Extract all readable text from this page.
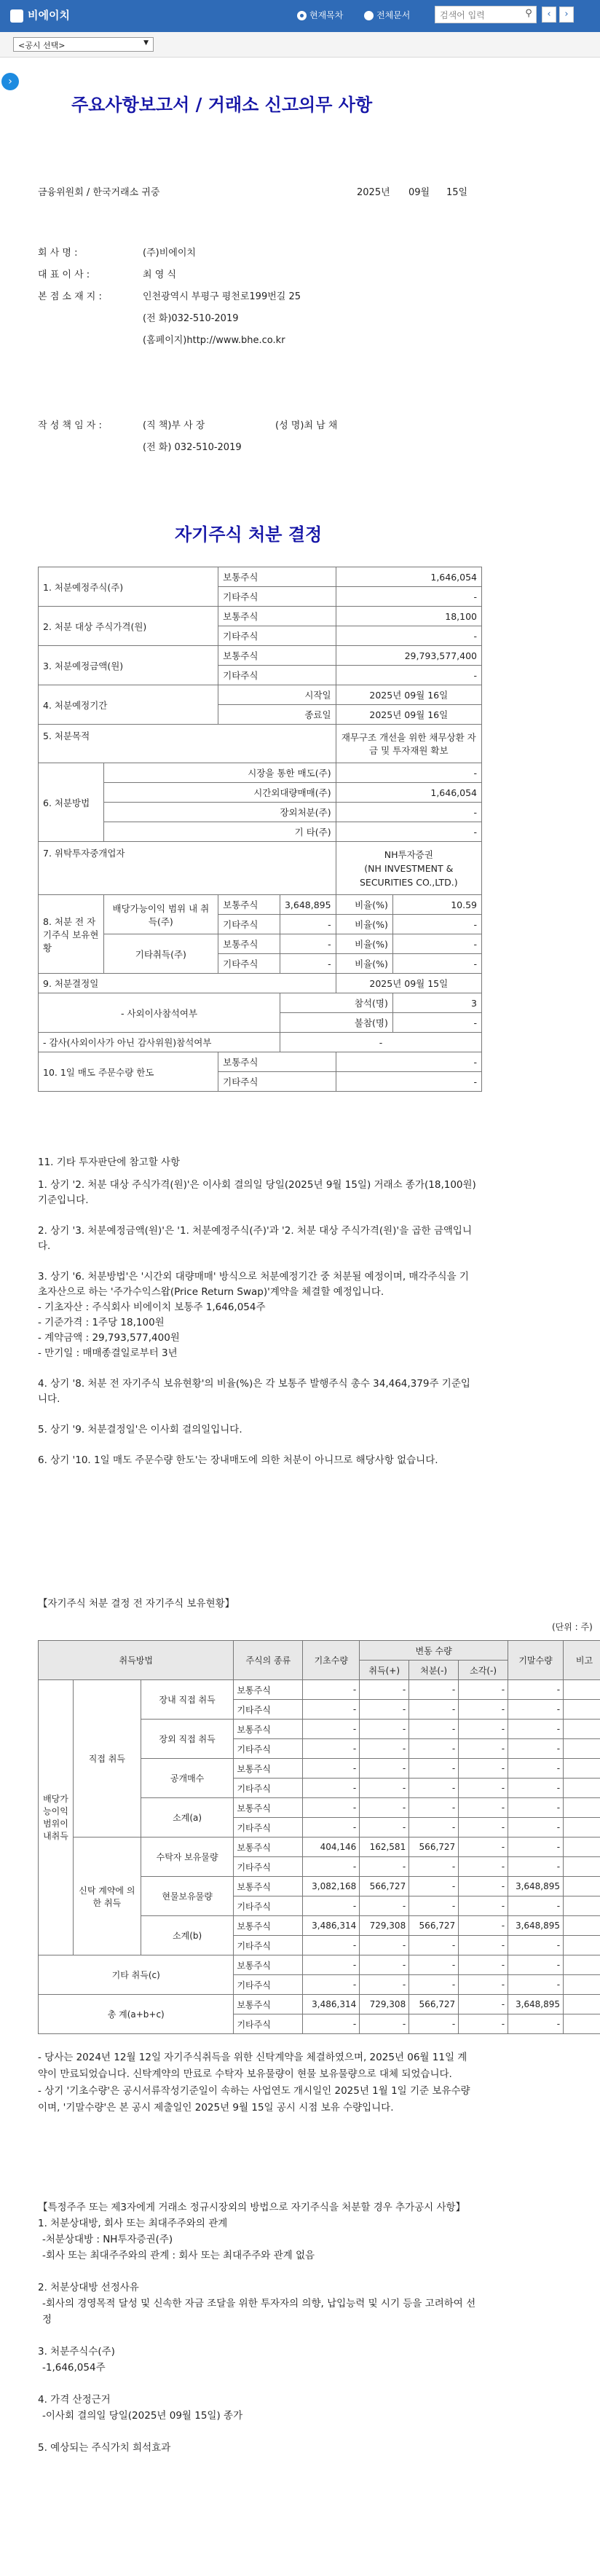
비에이치	현재목차	전체문서	검색어 입력	⚲	‹	›
<공시 선택>	▼
›
주요사항보고서 / 거래소 신고의무 사항
금융위원회 / 한국거래소 귀중	2025년 09월 15일
회 사 명 :	(주)비에이치
대 표 이 사 :	최 영 식
본 점 소 재 지 :	인천광역시 부평구 평천로199번길 25
(전 화)032-510-2019
(홈페이지)http://www.bhe.co.kr
작 성 책 임 자 :	(직 책)부 사 장	(성 명)최 남 채
(전 화) 032-510-2019
자기주식 처분 결정
1. 처분예정주식(주)		보통주식		1,646,054	
		기타주식		-	
2. 처분 대상 주식가격(원)		보통주식		18,100	
		기타주식		-	
3. 처분예정금액(원)		보통주식		29,793,577,400	
		기타주식		-	
4. 처분예정기간		시작일		2025년 09월 16일	
		종료일		2025년 09월 16일	
5. 처분목적				재무구조 개선을 위한 채무상환 자금 및 투자재원 확보	
6. 처분방법	시장을 통한 매도(주)			-	
	시간외대량매매(주)			1,646,054	
	장외처분(주)			-	
	기 타(주)			-	
7. 위탁투자중개업자				NH투자증권
(NH INVESTMENT &
SECURITIES CO.,LTD.)	

8. 처분 전 자기주식 보유현황	배당가능이익 범위 내 취득(주)	보통주식	3,648,895	비율(%)	10.59
		기타주식	-	비율(%)	-
	기타취득(주)	보통주식	-	비율(%)	-
		기타주식	-	비율(%)	-
9. 처분결정일				2025년 09월 15일	
- 사외이사참석여부			참석(명)		3
			불참(명)		-
- 감사(사외이사가 아닌 감사위원)참석여부			-		
10. 1일 매도 주문수량 한도		보통주식		-	
		기타주식		-	

11. 기타 투자판단에 참고할 사항

1. 상기 '2. 처분 대상 주식가격(원)'은 이사회 결의일 당일(2025년 9월 15일) 거래소 종가(18,100원) 기준입니다.

2. 상기 '3. 처분예정금액(원)'은 '1. 처분예정주식(주)'과 '2. 처분 대상 주식가격(원)'을 곱한 금액입니다.

3. 상기 '6. 처분방법'은 '시간외 대량매매' 방식으로 처분예정기간 중 처분될 예정이며, 매각주식을 기초자산으로 하는 '주가수익스왑(Price Return Swap)'계약을 체결할 예정입니다.

- 기초자산 : 주식회사 비에이치 보통주 1,646,054주

- 기준가격 : 1주당 18,100원

- 계약금액 : 29,793,577,400원

- 만기일 : 매매종결일로부터 3년

4. 상기 '8. 처분 전 자기주식 보유현황'의 비율(%)은 각 보통주 발행주식 총수 34,464,379주 기준입니다.

5. 상기 '9. 처분결정일'은 이사회 결의일입니다.

6. 상기 '10. 1일 매도 주문수량 한도'는 장내매도에 의한 처분이 아니므로 해당사항 없습니다.

【자기주식 처분 결정 전 자기주식 보유현황】
(단위 : 주)
취득방법			주식의 종류	기초수량	변동 수량			기말수량	비고
					취득(+)	처분(-)	소각(-)		
배당가능이익범위이내취득	직접 취득	장내 직접 취득	보통주식	-	-	-	-	-	
			기타주식	-	-	-	-	-	
		장외 직접 취득	보통주식	-	-	-	-	-	
			기타주식	-	-	-	-	-	
		공개매수	보통주식	-	-	-	-	-	
			기타주식	-	-	-	-	-	
		소계(a)	보통주식	-	-	-	-	-	
			기타주식	-	-	-	-	-	
	신탁 계약에 의한 취득	수탁자 보유물량	보통주식	404,146	162,581	566,727	-	-	
			기타주식	-	-	-	-	-	
		현물보유물량	보통주식	3,082,168	566,727	-	-	3,648,895	
			기타주식	-	-	-	-	-	
		소계(b)	보통주식	3,486,314	729,308	566,727	-	3,648,895	
			기타주식	-	-	-	-	-	
기타 취득(c)			보통주식	-	-	-	-	-	
			기타주식	-	-	-	-	-	
총 계(a+b+c)			보통주식	3,486,314	729,308	566,727	-	3,648,895	
			기타주식	-	-	-	-	-	
- 당사는 2024년 12월 12일 자기주식취득을 위한 신탁계약을 체결하였으며, 2025년 06월 11일 계약이 만료되었습니다. 신탁계약의 만료로 수탁자 보유물량이 현물 보유물량으로 대체 되었습니다.
- 상기 '기초수량'은 공시서류작성기준일이 속하는 사업연도 개시일인 2025년 1월 1일 기준 보유수량이며, '기말수량'은 본 공시 제출일인 2025년 9월 15일 공시 시점 보유 수량입니다.

【특정주주 또는 제3자에게 거래소 정규시장외의 방법으로 자기주식을 처분할 경우 추가공시 사항】

1. 처분상대방, 회사 또는 최대주주와의 관계

-처분상대방 : NH투자증권(주)

-회사 또는 최대주주와의 관계 : 회사 또는 최대주주와 관계 없음

2. 처분상대방 선정사유

-회사의 경영목적 달성 및 신속한 자금 조달을 위한 투자자의 의향, 납입능력 및 시기 등을 고려하여 선정

3. 처분주식수(주)

-1,646,054주

4. 가격 산정근거

-이사회 결의일 당일(2025년 09월 15일) 종가

5. 예상되는 주식가치 희석효과
